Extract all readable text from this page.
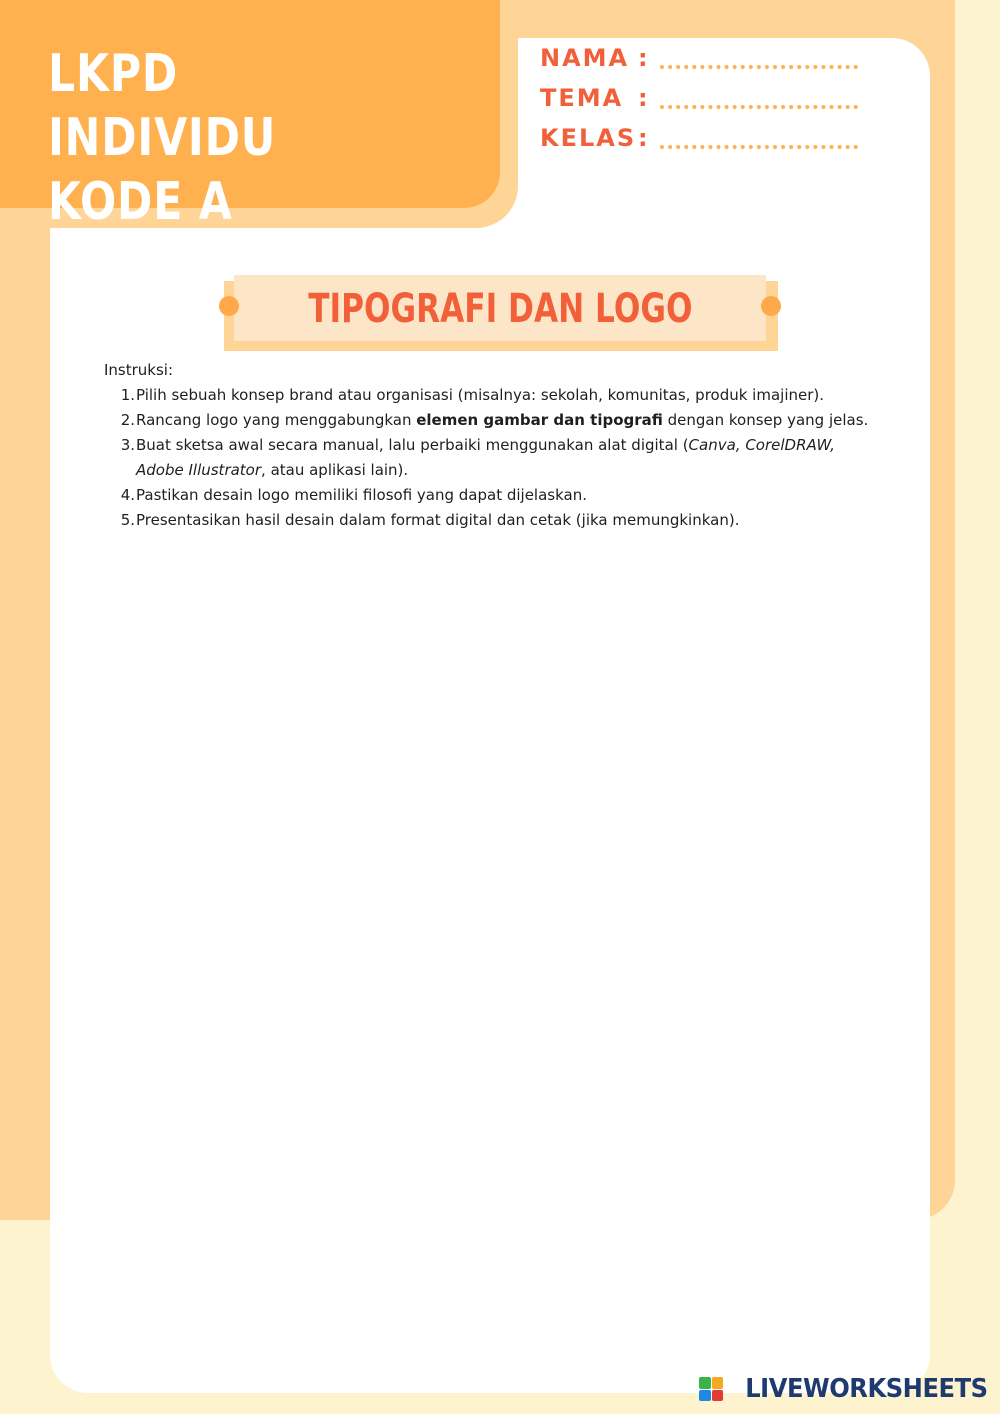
LKPD INDIVIDU
KODE A
NAMA :
TEMA :
KELAS :
TIPOGRAFI DAN LOGO

Instruksi:

1. Pilih sebuah konsep brand atau organisasi (misalnya: sekolah, komunitas, produk imajiner).
2. Rancang logo yang menggabungkan elemen gambar dan tipografi dengan konsep yang jelas.
3. Buat sketsa awal secara manual, lalu perbaiki menggunakan alat digital (Canva, CorelDRAW, Adobe Illustrator, atau aplikasi lain).
4. Pastikan desain logo memiliki filosofi yang dapat dijelaskan.
5. Presentasikan hasil desain dalam format digital dan cetak (jika memungkinkan).
LIVEWORKSHEETS
